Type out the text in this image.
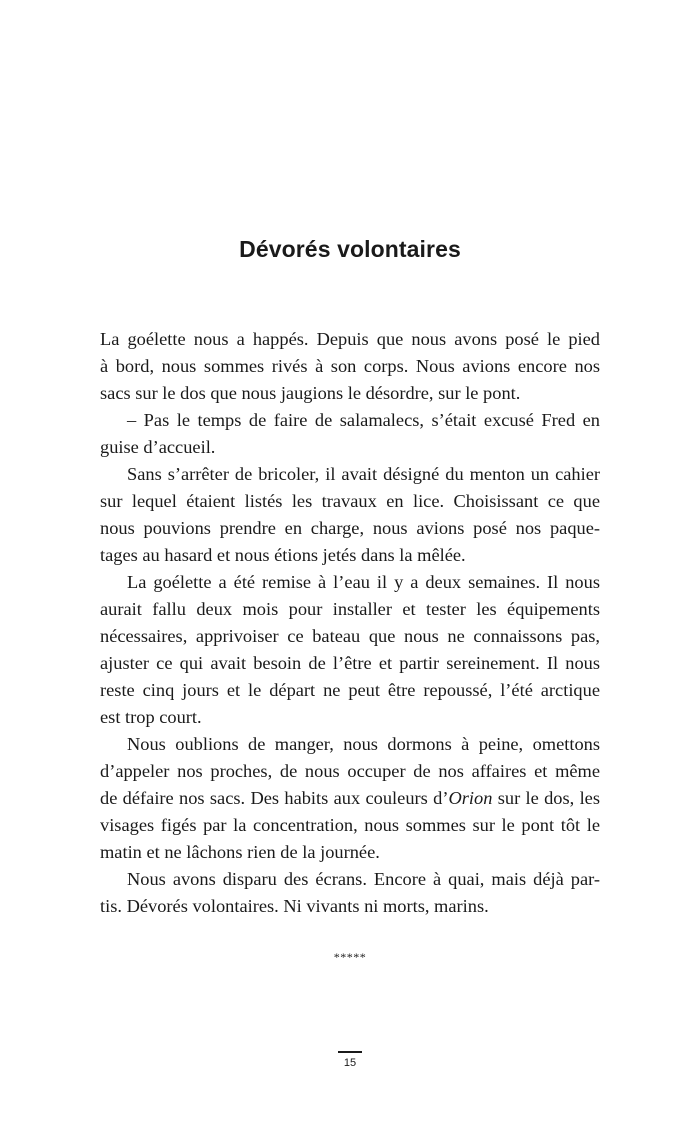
Dévorés volontaires

La goélette nous a happés. Depuis que nous avons posé le pied
à bord, nous sommes rivés à son corps. Nous avions encore nos
sacs sur le dos que nous jaugions le désordre, sur le pont.

– Pas le temps de faire de salamalecs, s’était excusé Fred en
guise d’accueil.

Sans s’arrêter de bricoler, il avait désigné du menton un cahier
sur lequel étaient listés les travaux en lice. Choisissant ce que
nous pouvions prendre en charge, nous avions posé nos paque-
tages au hasard et nous étions jetés dans la mêlée.

La goélette a été remise à l’eau il y a deux semaines. Il nous
aurait fallu deux mois pour installer et tester les équipements
nécessaires, apprivoiser ce bateau que nous ne connaissons pas,
ajuster ce qui avait besoin de l’être et partir sereinement. Il nous
reste cinq jours et le départ ne peut être repoussé, l’été arctique
est trop court.

Nous oublions de manger, nous dormons à peine, omettons
d’appeler nos proches, de nous occuper de nos affaires et même
de défaire nos sacs. Des habits aux couleurs d’Orion sur le dos, les
visages figés par la concentration, nous sommes sur le pont tôt le
matin et ne lâchons rien de la journée.

Nous avons disparu des écrans. Encore à quai, mais déjà par-
tis. Dévorés volontaires. Ni vivants ni morts, marins.

*****
15
